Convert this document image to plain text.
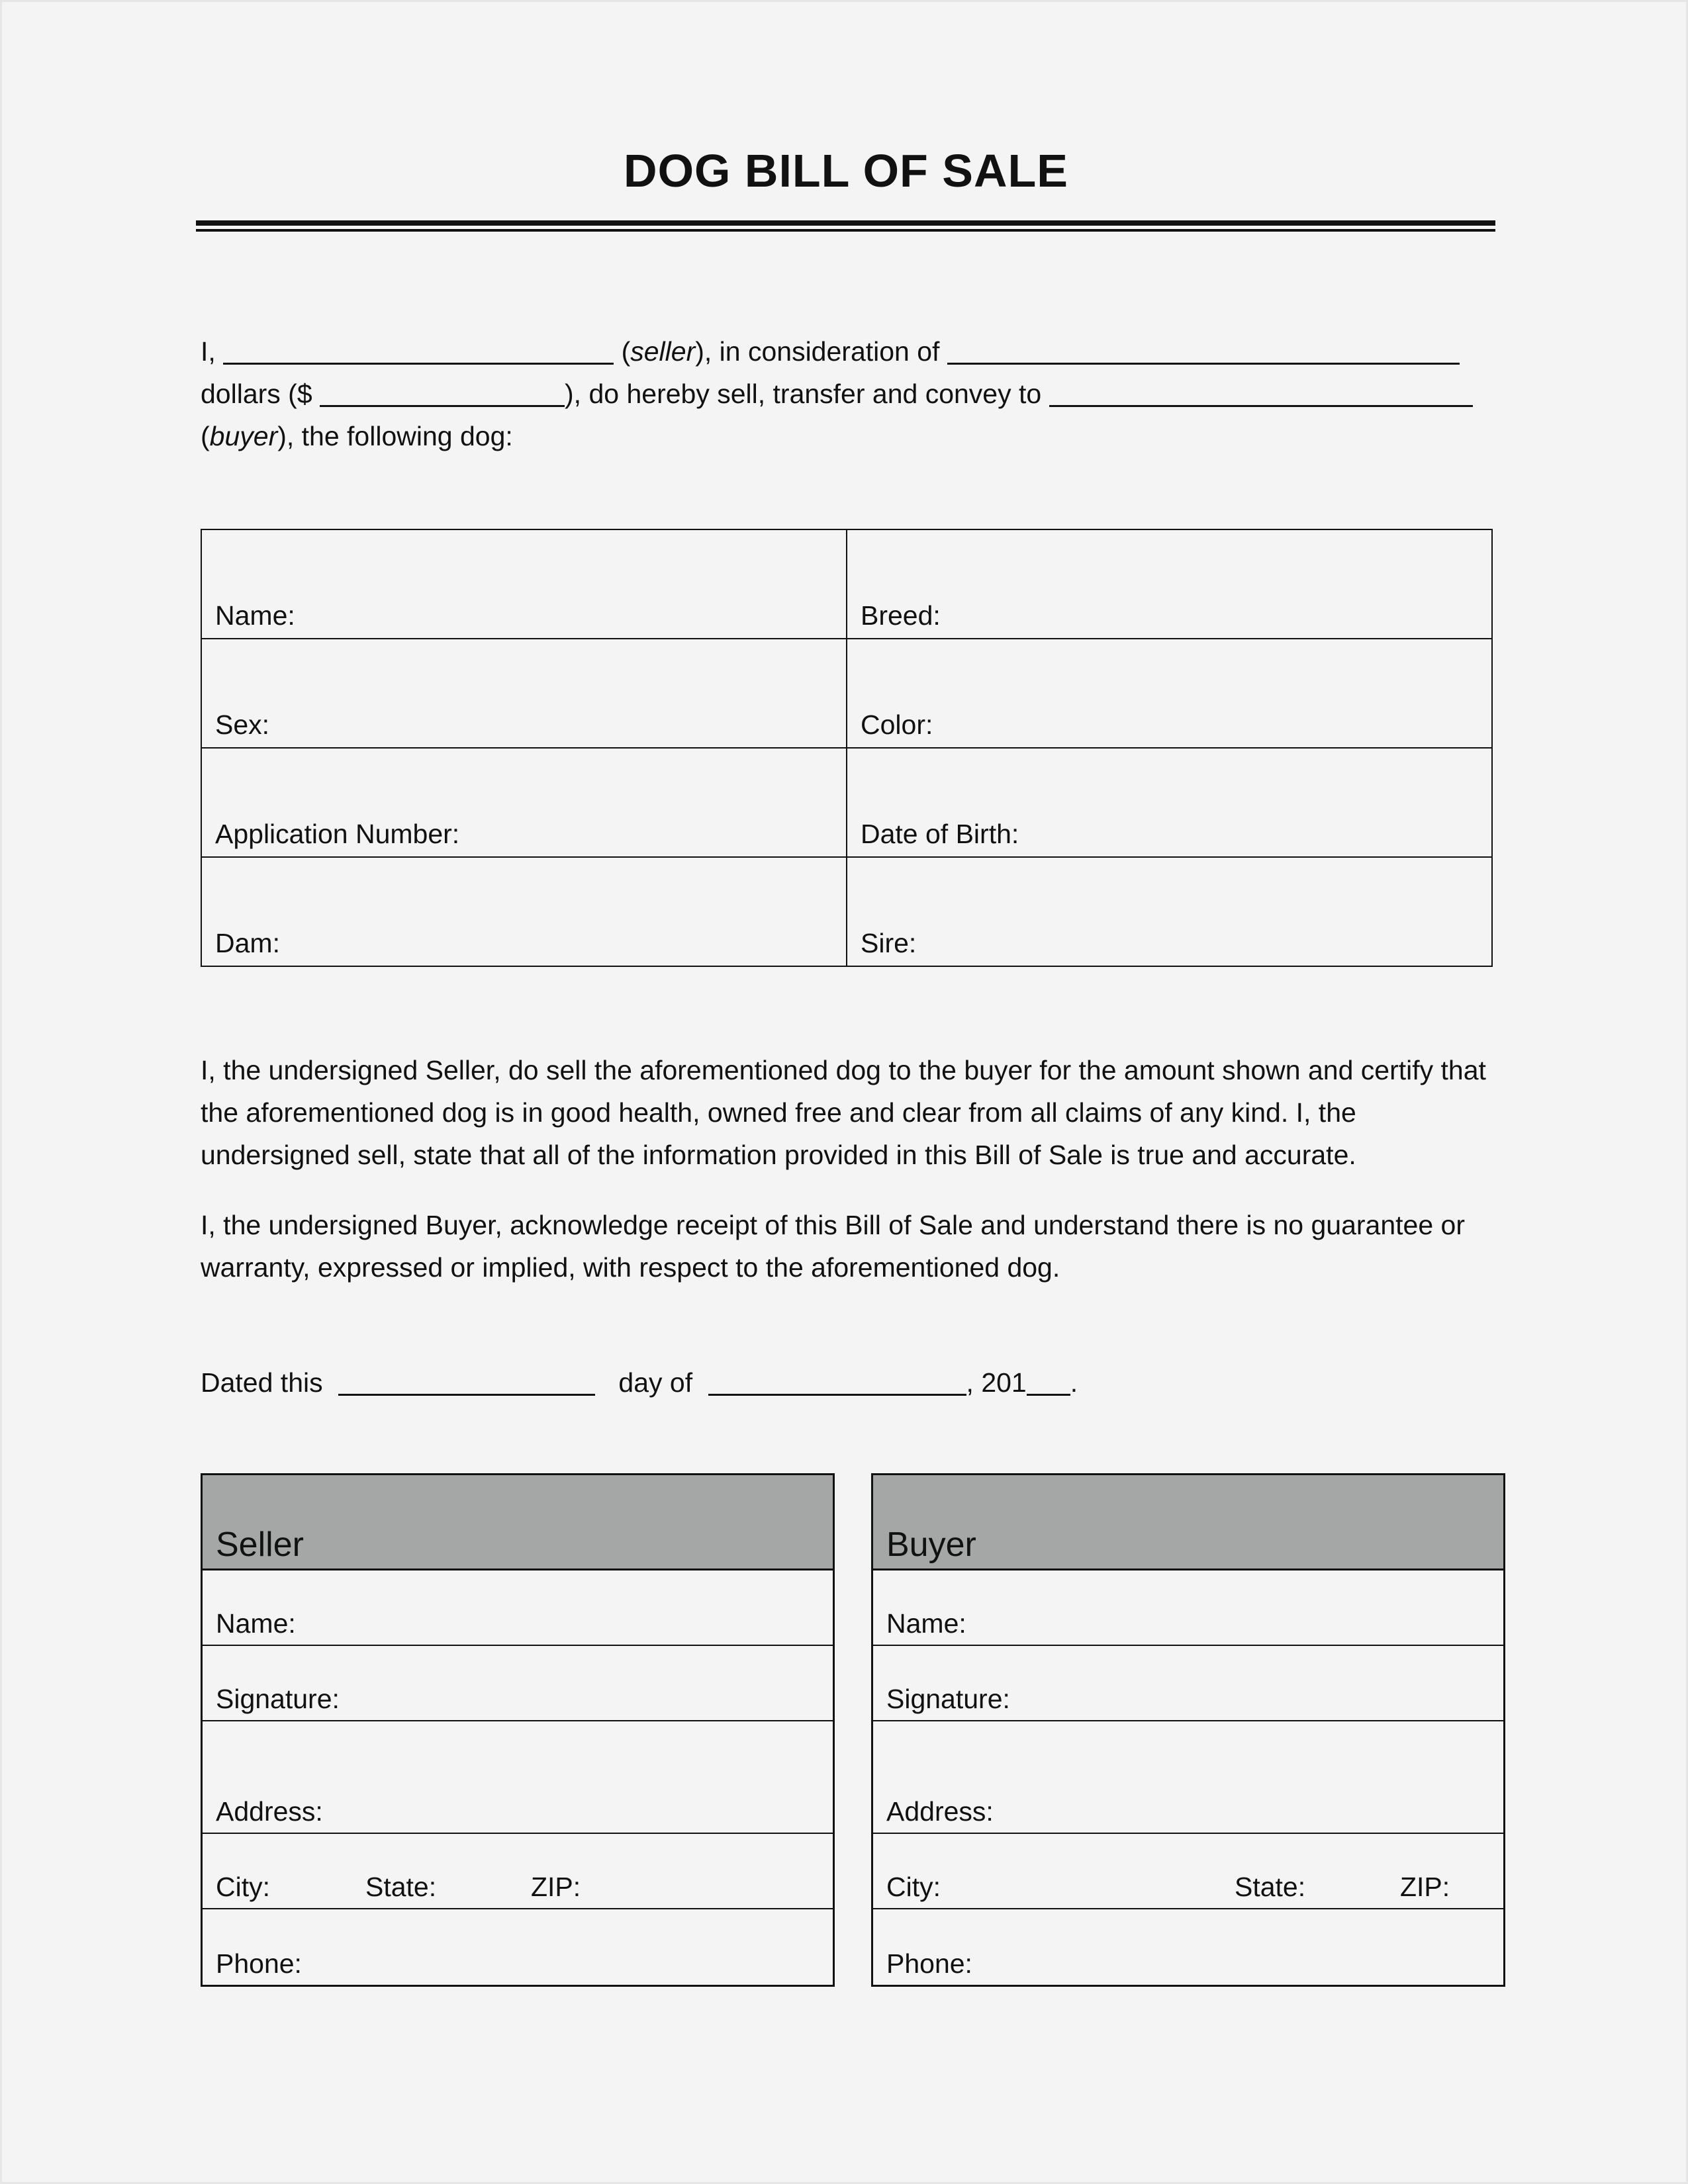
DOG BILL OF SALE
I,	(seller), in consideration of
dollars ($	), do hereby sell, transfer and convey to
(buyer), the following dog:
Name:	Breed:
Sex:	Color:
Application Number:	Date of Birth:
Dam:	Sire:
I, the undersigned Seller, do sell the aforementioned dog to the buyer for the amount shown and certify that the aforementioned dog is in good health, owned free and clear from all claims of any kind. I, the undersigned sell, state that all of the information provided in this Bill of Sale is true and accurate.
I, the undersigned Buyer, acknowledge receipt of this Bill of Sale and understand there is no guarantee or warranty, expressed or implied, with respect to the aforementioned dog.
Dated this	day of	, 201 .
Seller
Name:
Signature:
Address:
City:	State:	ZIP:
Phone:
Buyer
Name:
Signature:
Address:
City:	State:	ZIP:
Phone:
